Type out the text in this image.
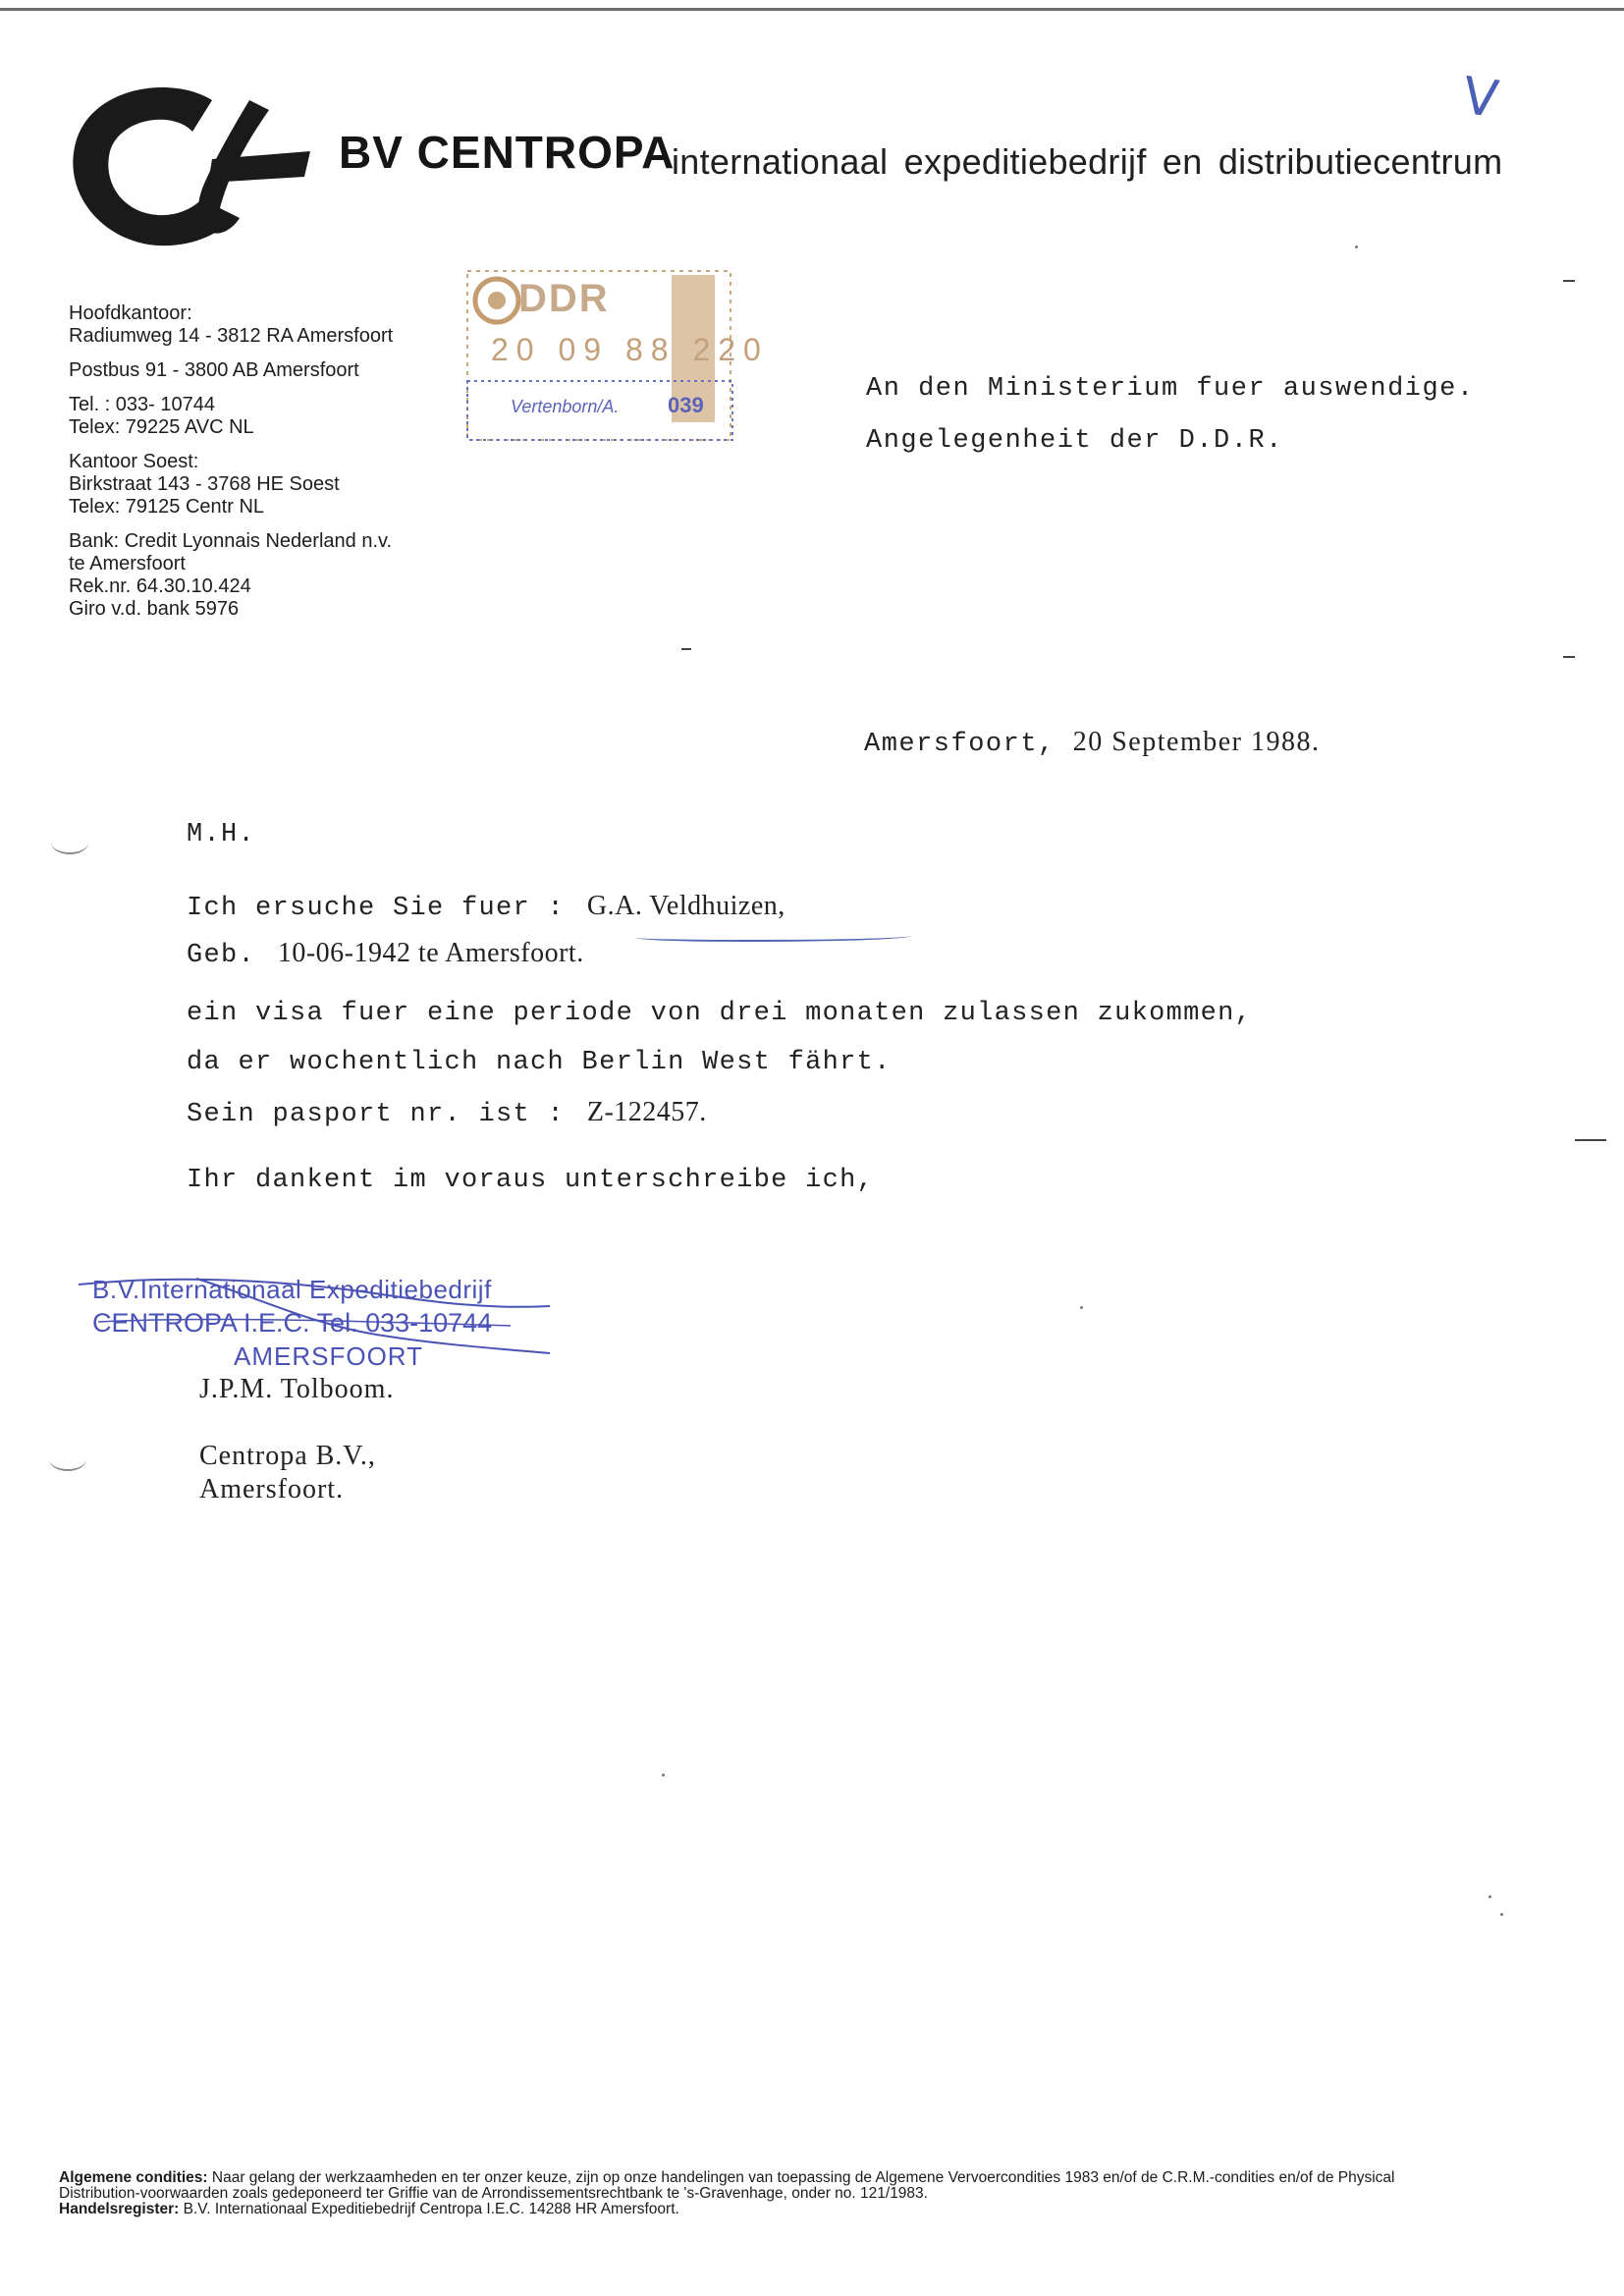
BV CENTROPA
internationaal expeditiebedrijf en distributiecentrum
V
Hoofdkantoor:
Radiumweg 14 - 3812 RA Amersfoort
Postbus 91 - 3800 AB Amersfoort
Tel. : 033- 10744
Telex: 79225 AVC NL
Kantoor Soest:
Birkstraat 143 - 3768 HE Soest
Telex: 79125 Centr NL
Bank: Credit Lyonnais Nederland n.v.
te Amersfoort
Rek.nr. 64.30.10.424
Giro v.d. bank 5976
DDR
20 09 88 220
Vertenborn/A. 039
An den Ministerium fuer auswendige.
Angelegenheit der D.D.R.
Amersfoort, 20 September 1988.
M.H.
Ich ersuche Sie fuer : G.A. Veldhuizen,
Geb. 10-06-1942 te Amersfoort.
ein visa fuer eine periode von drei monaten zulassen zukommen,
da er wochentlich nach Berlin West fährt.
Sein pasport nr. ist : Z-122457.
Ihr dankent im voraus unterschreibe ich,
B.V.Internationaal Expeditiebedrijf
CENTROPA I.E.C. Tel. 033-10744
AMERSFOORT
J.P.M. Tolboom.
Centropa B.V.,
Amersfoort.
Algemene condities: Naar gelang der werkzaamheden en ter onzer keuze, zijn op onze handelingen van toepassing de Algemene Vervoercondities 1983 en/of de C.R.M.-condities en/of de Physical
Distribution-voorwaarden zoals gedeponeerd ter Griffie van de Arrondissementsrechtbank te 's-Gravenhage, onder no. 121/1983.
Handelsregister: B.V. Internationaal Expeditiebedrijf Centropa I.E.C. 14288 HR Amersfoort.
